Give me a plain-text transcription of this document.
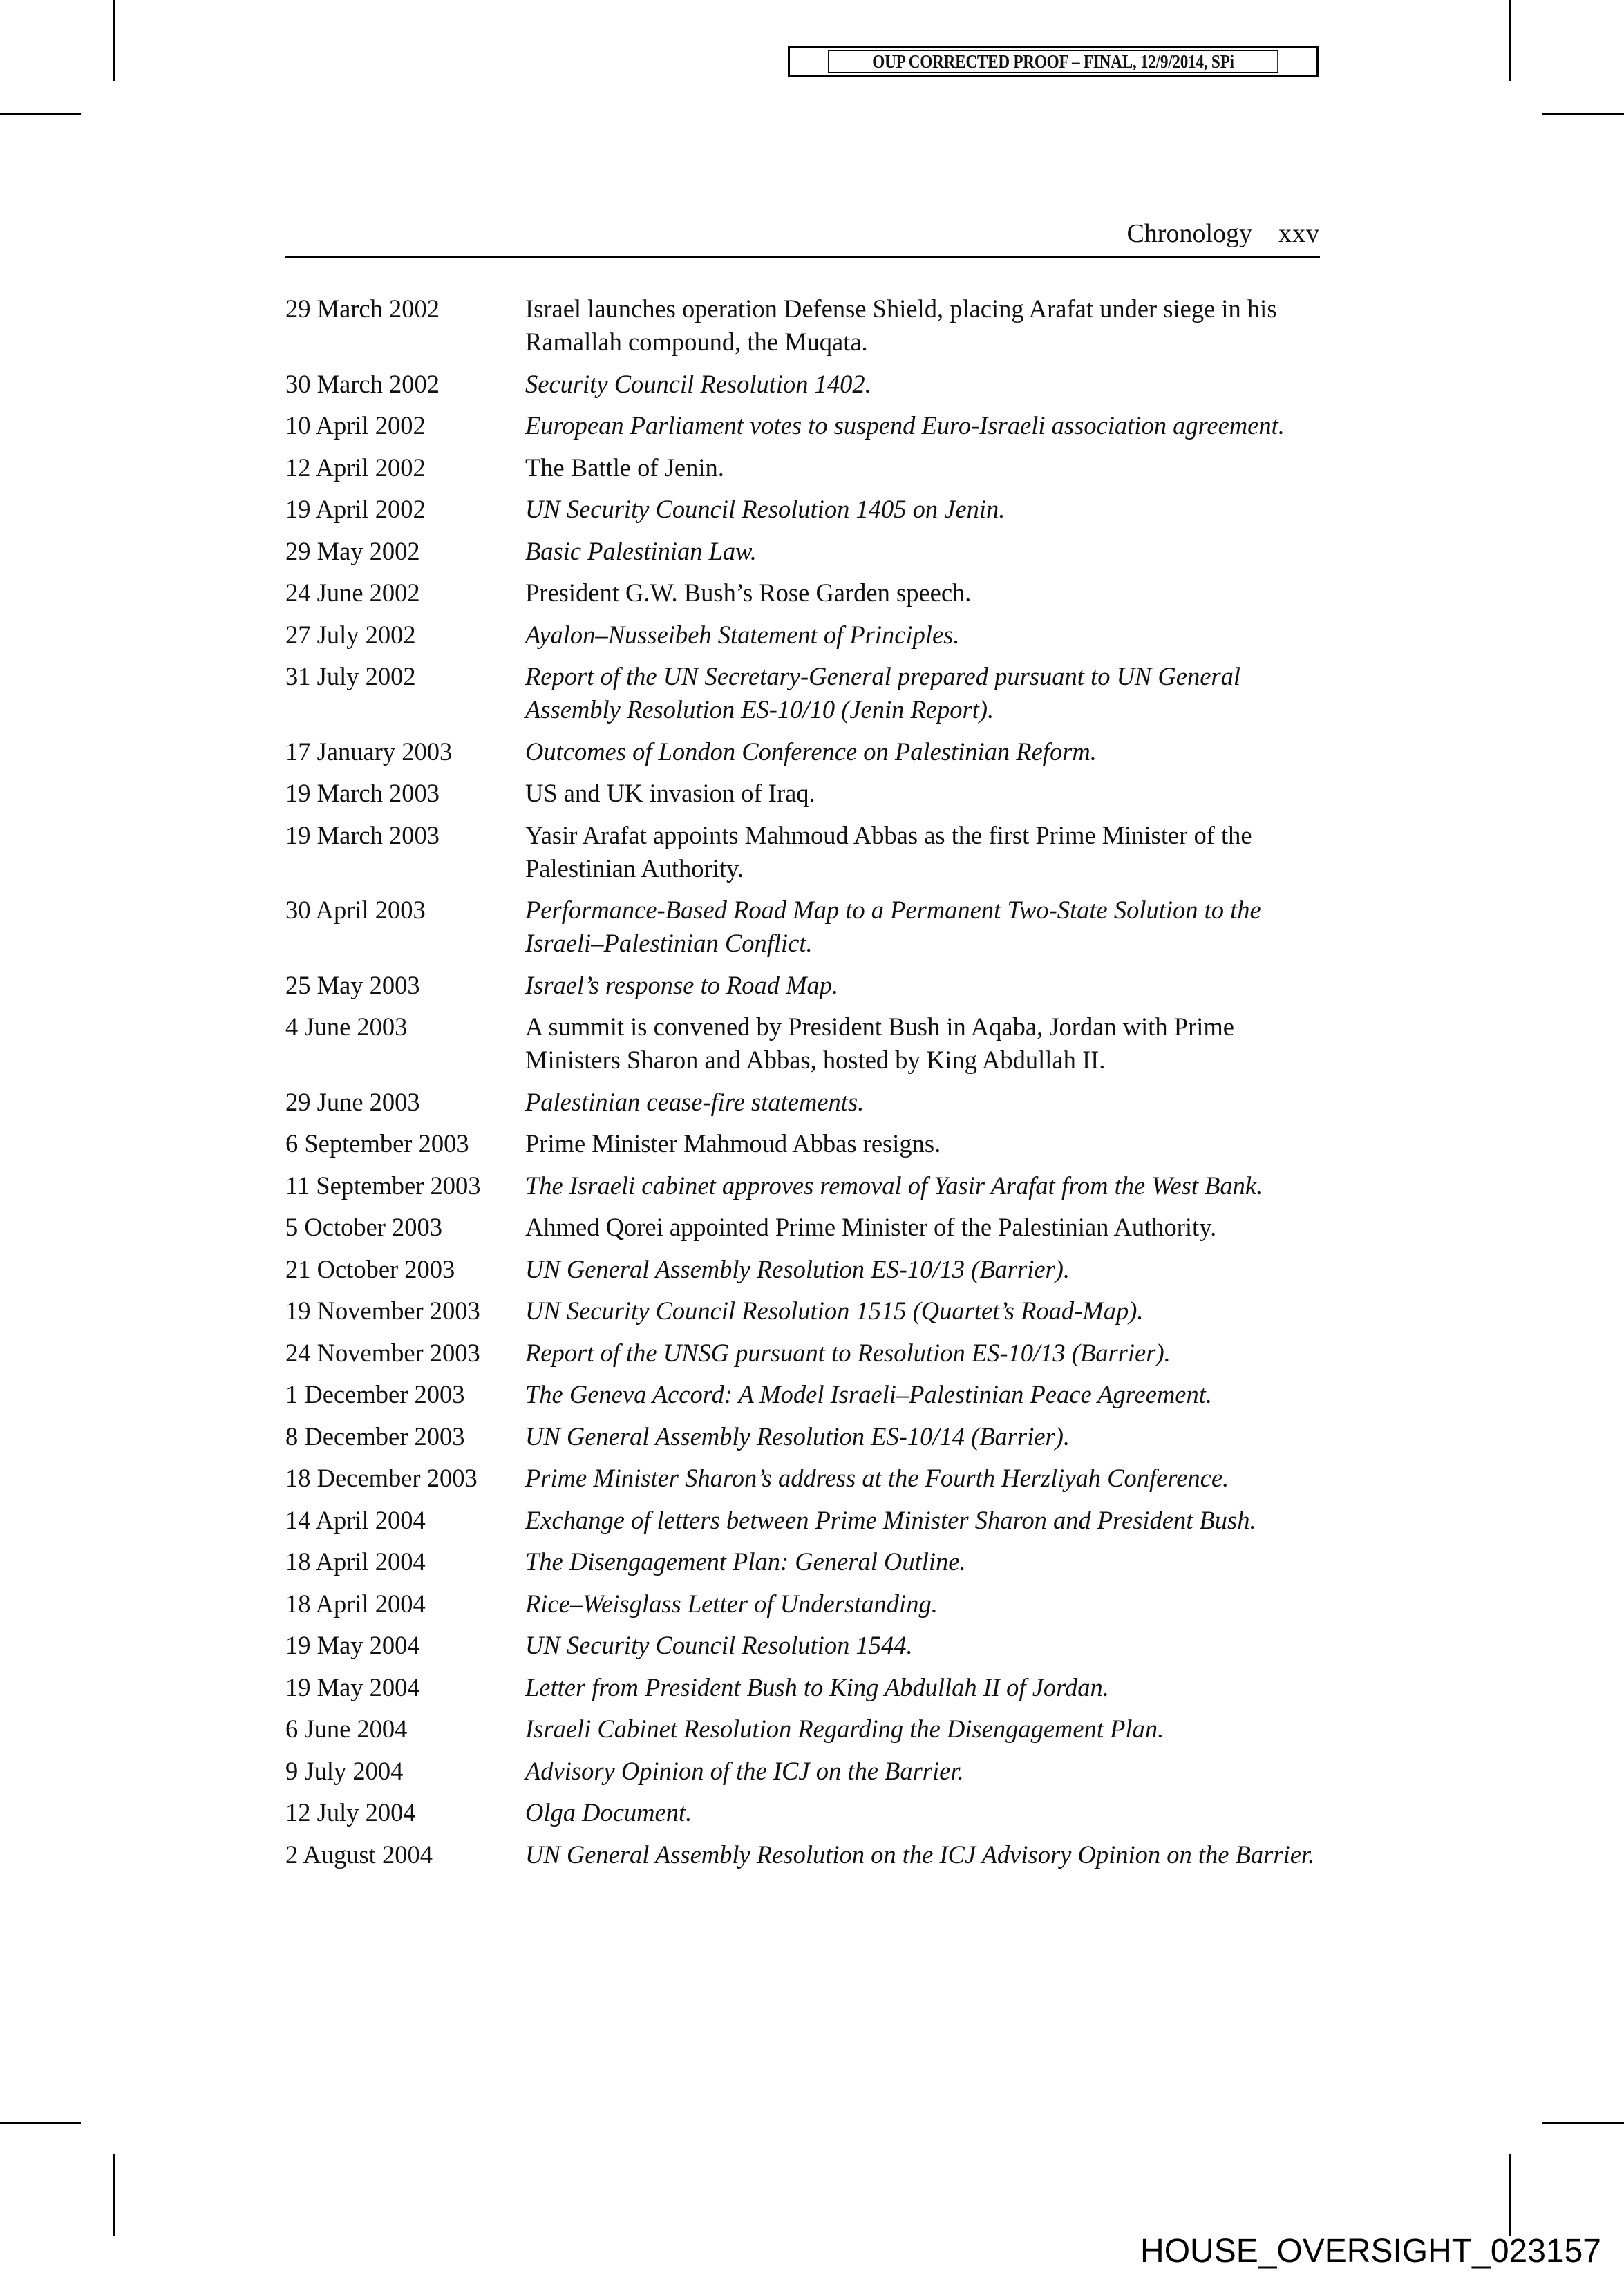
OUP CORRECTED PROOF – FINAL, 12/9/2014, SPi
Chronology xxv
29 March 2002	Israel launches operation Defense Shield, placing Arafat under siege in his Ramallah compound, the Muqata.
30 March 2002	Security Council Resolution 1402.
10 April 2002	European Parliament votes to suspend Euro-Israeli association agreement.
12 April 2002	The Battle of Jenin.
19 April 2002	UN Security Council Resolution 1405 on Jenin.
29 May 2002	Basic Palestinian Law.
24 June 2002	President G.W. Bush’s Rose Garden speech.
27 July 2002	Ayalon–Nusseibeh Statement of Principles.
31 July 2002	Report of the UN Secretary-General prepared pursuant to UN General Assembly Resolution ES-10/10 (Jenin Report).
17 January 2003	Outcomes of London Conference on Palestinian Reform.
19 March 2003	US and UK invasion of Iraq.
19 March 2003	Yasir Arafat appoints Mahmoud Abbas as the first Prime Minister of the Palestinian Authority.
30 April 2003	Performance-Based Road Map to a Permanent Two-State Solution to the Israeli–Palestinian Conflict.
25 May 2003	Israel’s response to Road Map.
4 June 2003	A summit is convened by President Bush in Aqaba, Jordan with Prime Ministers Sharon and Abbas, hosted by King Abdullah II.
29 June 2003	Palestinian cease-fire statements.
6 September 2003	Prime Minister Mahmoud Abbas resigns.
11 September 2003	The Israeli cabinet approves removal of Yasir Arafat from the West Bank.
5 October 2003	Ahmed Qorei appointed Prime Minister of the Palestinian Authority.
21 October 2003	UN General Assembly Resolution ES-10/13 (Barrier).
19 November 2003	UN Security Council Resolution 1515 (Quartet’s Road-Map).
24 November 2003	Report of the UNSG pursuant to Resolution ES-10/13 (Barrier).
1 December 2003	The Geneva Accord: A Model Israeli–Palestinian Peace Agreement.
8 December 2003	UN General Assembly Resolution ES-10/14 (Barrier).
18 December 2003	Prime Minister Sharon’s address at the Fourth Herzliyah Conference.
14 April 2004	Exchange of letters between Prime Minister Sharon and President Bush.
18 April 2004	The Disengagement Plan: General Outline.
18 April 2004	Rice–Weisglass Letter of Understanding.
19 May 2004	UN Security Council Resolution 1544.
19 May 2004	Letter from President Bush to King Abdullah II of Jordan.
6 June 2004	Israeli Cabinet Resolution Regarding the Disengagement Plan.
9 July 2004	Advisory Opinion of the ICJ on the Barrier.
12 July 2004	Olga Document.
2 August 2004	UN General Assembly Resolution on the ICJ Advisory Opinion on the Barrier.
HOUSE_OVERSIGHT_023157
